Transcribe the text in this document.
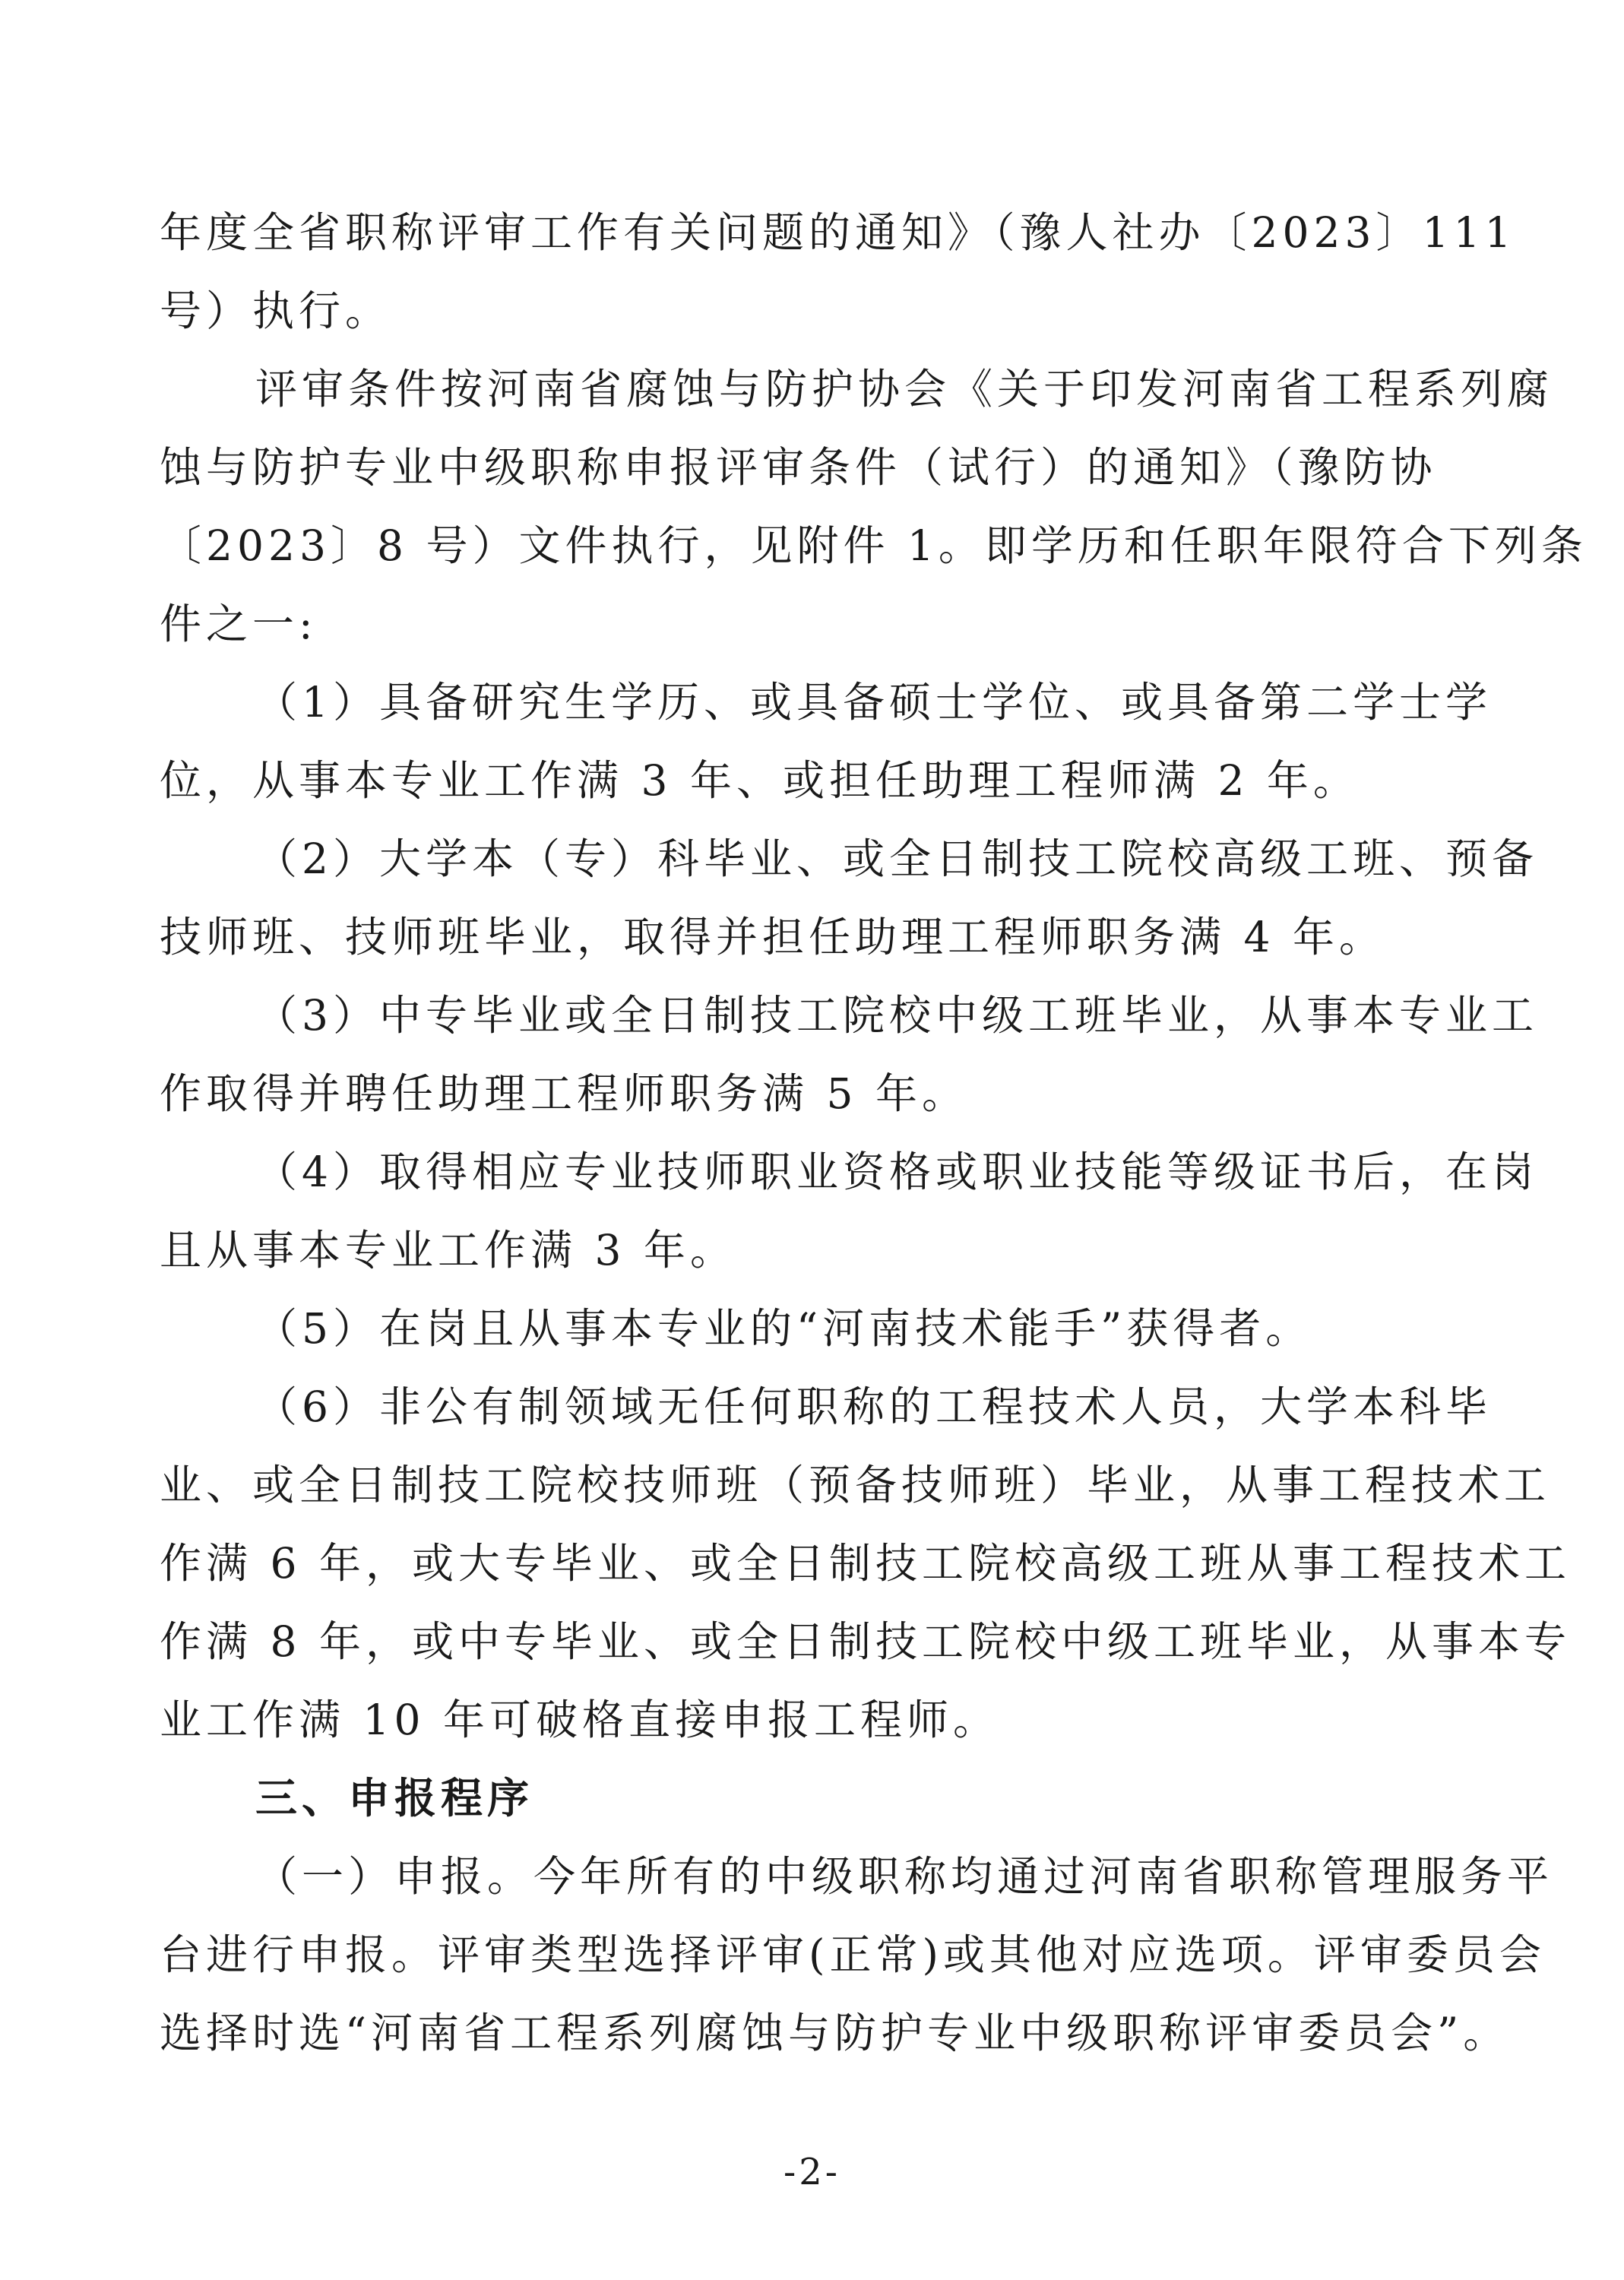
年度全省职称评审工作有关问题的通知》（豫人社办〔2023〕111
号）执行。
评审条件按河南省腐蚀与防护协会《关于印发河南省工程系列腐
蚀与防护专业中级职称申报评审条件（试行）的通知》（豫防协
〔2023〕8 号）文件执行，见附件 1。即学历和任职年限符合下列条
件之一:
（1）具备研究生学历、或具备硕士学位、或具备第二学士学
位，从事本专业工作满 3 年、或担任助理工程师满 2 年。
（2）大学本（专）科毕业、或全日制技工院校高级工班、预备
技师班、技师班毕业，取得并担任助理工程师职务满 4 年。
（3）中专毕业或全日制技工院校中级工班毕业，从事本专业工
作取得并聘任助理工程师职务满 5 年。
（4）取得相应专业技师职业资格或职业技能等级证书后，在岗
且从事本专业工作满 3 年。
（5）在岗且从事本专业的“河南技术能手”获得者。
（6）非公有制领域无任何职称的工程技术人员，大学本科毕
业、或全日制技工院校技师班（预备技师班）毕业，从事工程技术工
作满 6 年，或大专毕业、或全日制技工院校高级工班从事工程技术工
作满 8 年，或中专毕业、或全日制技工院校中级工班毕业，从事本专
业工作满 10 年可破格直接申报工程师。
三、申报程序
（一）申报。今年所有的中级职称均通过河南省职称管理服务平
台进行申报。评审类型选择评审(正常)或其他对应选项。评审委员会
选择时选“河南省工程系列腐蚀与防护专业中级职称评审委员会”。
-2-
